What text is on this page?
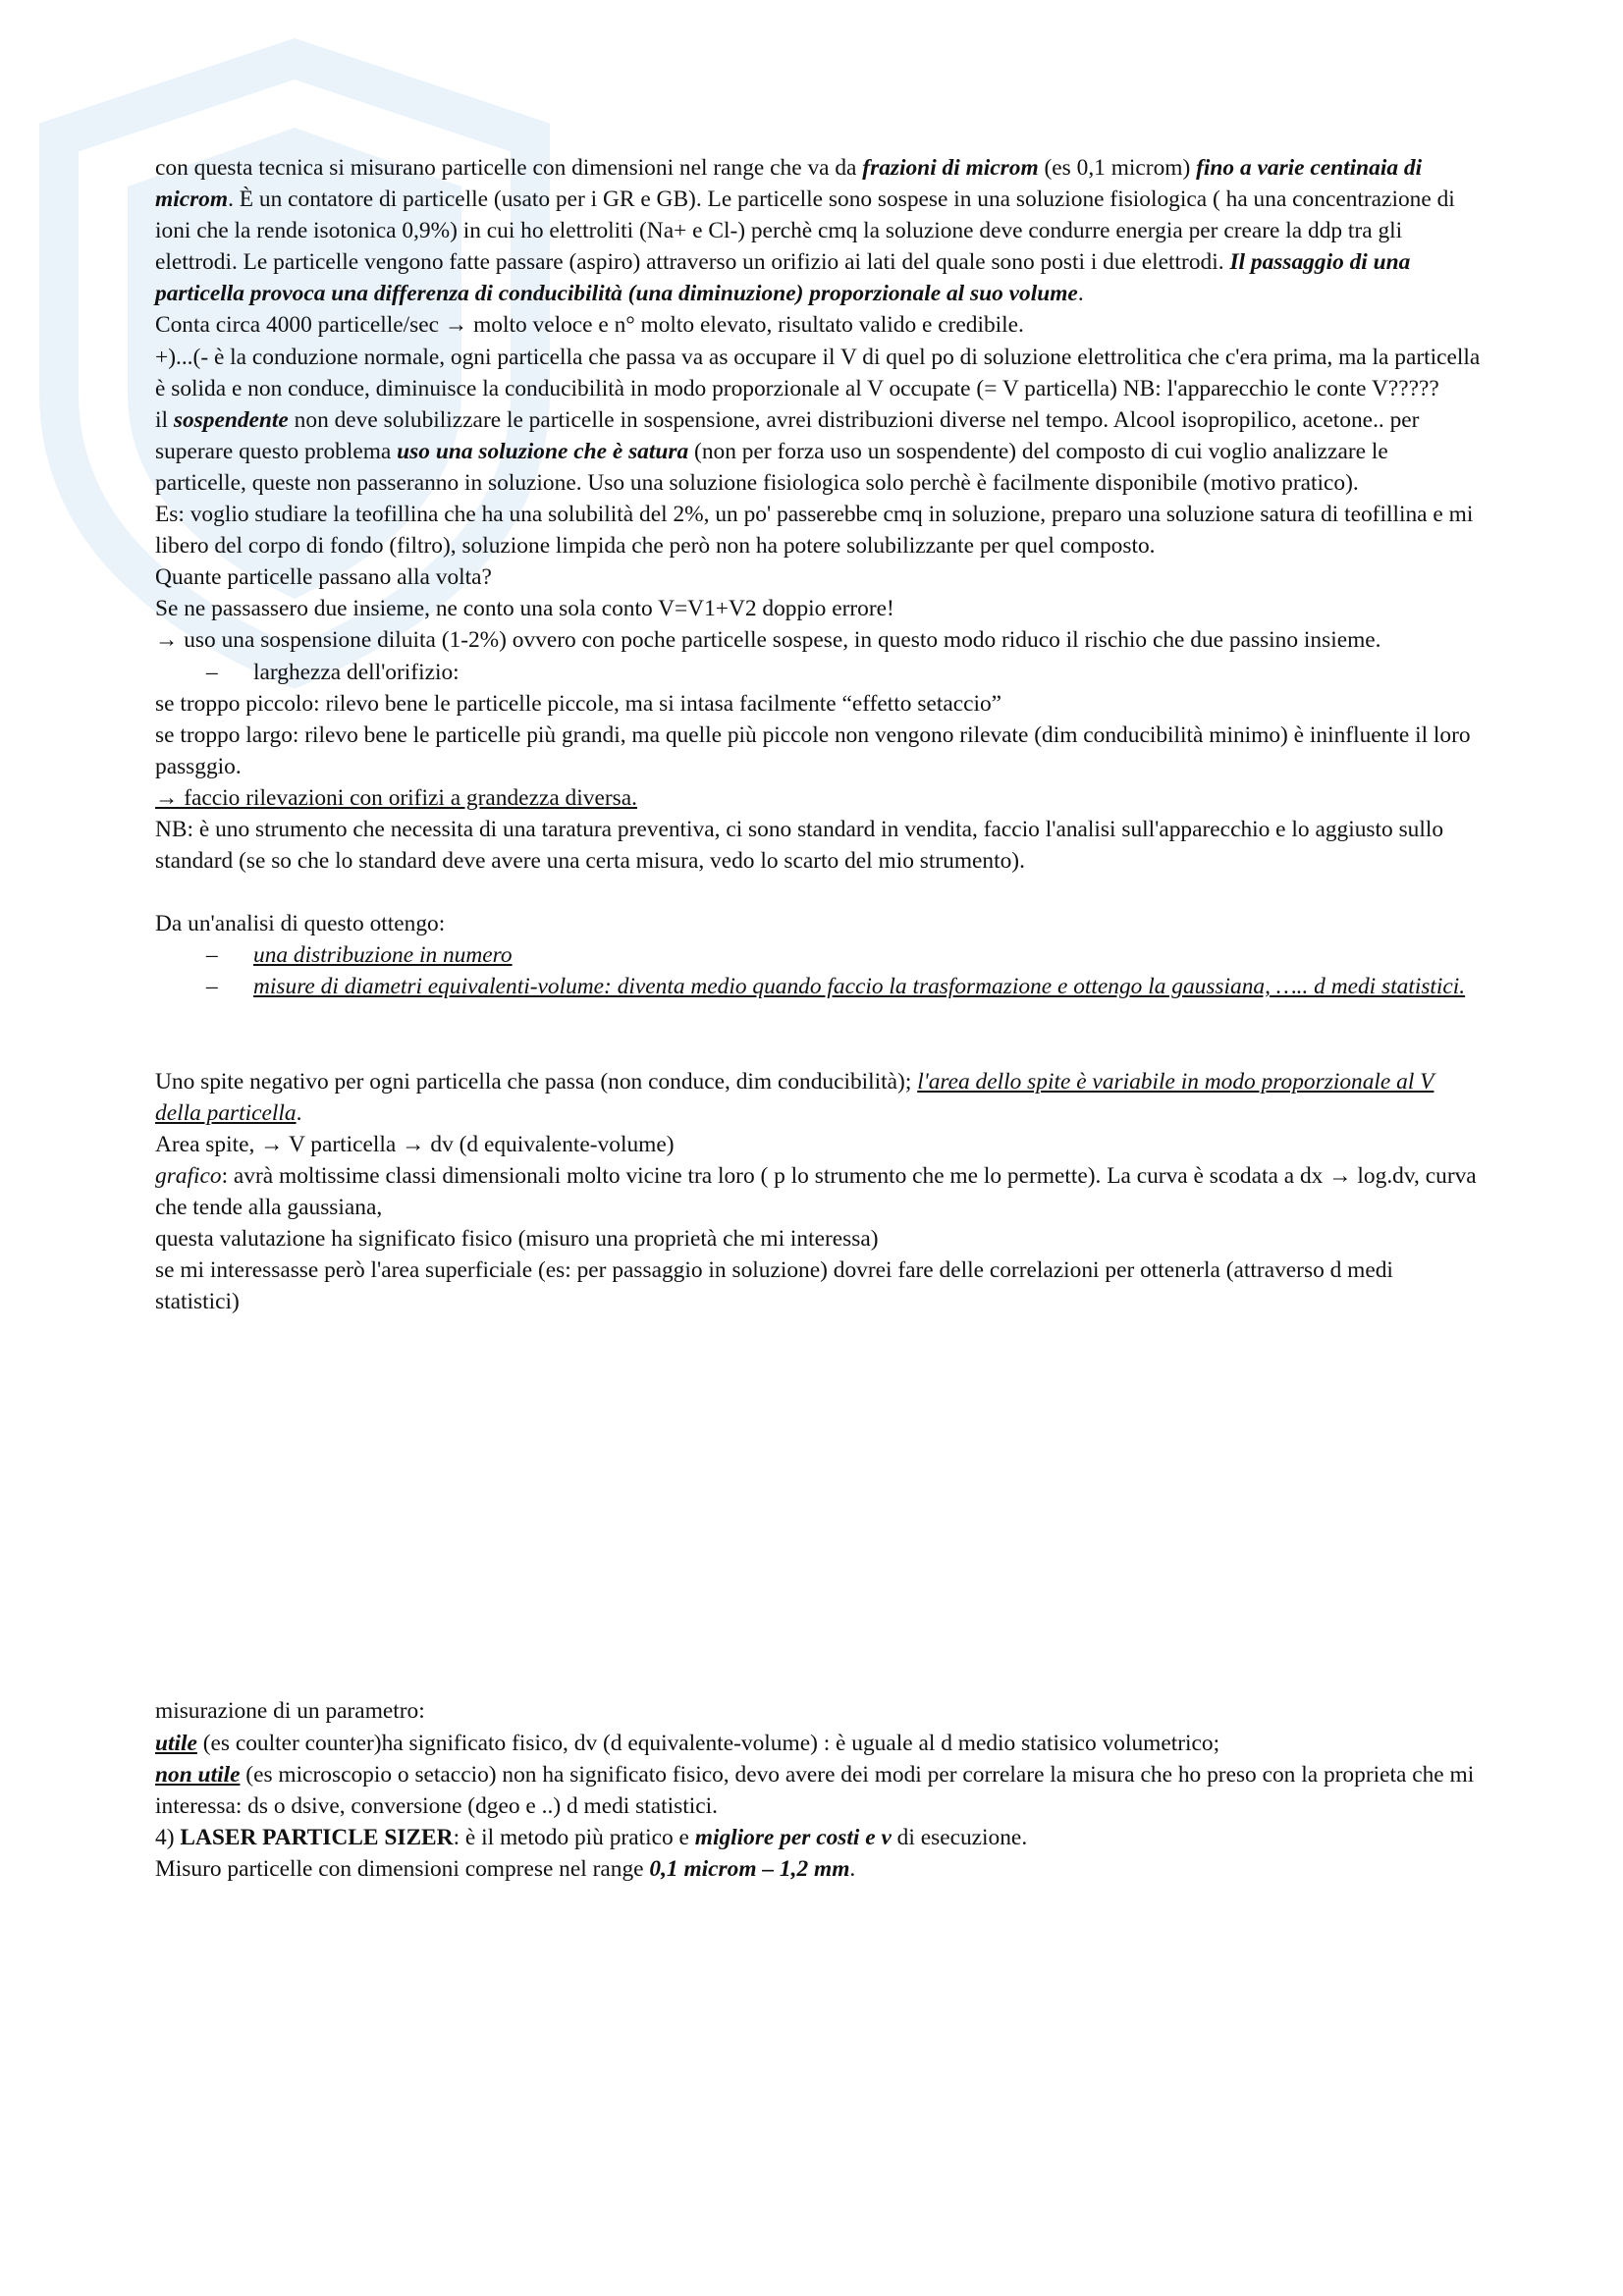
con questa tecnica si misurano particelle con dimensioni nel range che va da frazioni di microm (es 0,1 microm) fino a varie centinaia di microm. È un contatore di particelle (usato per i GR e GB). Le particelle sono sospese in una soluzione fisiologica ( ha una concentrazione di ioni che la rende isotonica 0,9%) in cui ho elettroliti (Na+ e Cl-) perchè cmq la soluzione deve condurre energia per creare la ddp tra gli elettrodi. Le particelle vengono fatte passare (aspiro) attraverso un orifizio ai lati del quale sono posti i due elettrodi. Il passaggio di una particella provoca una differenza di conducibilità (una diminuzione) proporzionale al suo volume.

Conta circa 4000 particelle/sec → molto veloce e n° molto elevato, risultato valido e credibile.

+)...(- è la conduzione normale, ogni particella che passa va as occupare il V di quel po di soluzione elettrolitica che c'era prima, ma la particella è solida e non conduce, diminuisce la conducibilità in modo proporzionale al V occupate (= V particella) NB: l'apparecchio le conte V?????

il sospendente non deve solubilizzare le particelle in sospensione, avrei distribuzioni diverse nel tempo. Alcool isopropilico, acetone.. per superare questo problema uso una soluzione che è satura (non per forza uso un sospendente) del composto di cui voglio analizzare le particelle, queste non passeranno in soluzione. Uso una soluzione fisiologica solo perchè è facilmente disponibile (motivo pratico).

Es: voglio studiare la teofillina che ha una solubilità del 2%, un po' passerebbe cmq in soluzione, preparo una soluzione satura di teofillina e mi libero del corpo di fondo (filtro), soluzione limpida che però non ha potere solubilizzante per quel composto.

Quante particelle passano alla volta?

Se ne passassero due insieme, ne conto una sola conto V=V1+V2 doppio errore!

→ uso una sospensione diluita (1-2%) ovvero con poche particelle sospese, in questo modo riduco il rischio che due passino insieme.

–	larghezza dell'orifizio:

se troppo piccolo: rilevo bene le particelle piccole, ma si intasa facilmente “effetto setaccio”

se troppo largo: rilevo bene le particelle più grandi, ma quelle più piccole non vengono rilevate (dim conducibilità minimo) è ininfluente il loro passggio.

→ faccio rilevazioni con orifizi a grandezza diversa.

NB: è uno strumento che necessita di una taratura preventiva, ci sono standard in vendita, faccio l'analisi sull'apparecchio e lo aggiusto sullo standard (se so che lo standard deve avere una certa misura, vedo lo scarto del mio strumento).

Da un'analisi di questo ottengo:

–	una distribuzione in numero
–	misure di diametri equivalenti-volume: diventa medio quando faccio la trasformazione e ottengo la gaussiana, ….. d medi statistici.

Uno spite negativo per ogni particella che passa (non conduce, dim conducibilità); l'area dello spite è variabile in modo proporzionale al V della particella.

Area spite, → V particella → dv (d equivalente-volume)

grafico: avrà moltissime classi dimensionali molto vicine tra loro ( p lo strumento che me lo permette). La curva è scodata a dx → log.dv, curva che tende alla gaussiana,

questa valutazione ha significato fisico (misuro una proprietà che mi interessa)

se mi interessasse però l'area superficiale (es: per passaggio in soluzione) dovrei fare delle correlazioni per ottenerla (attraverso d medi statistici)

misurazione di un parametro:

utile (es coulter counter)ha significato fisico, dv (d equivalente-volume) : è uguale al d medio statisico volumetrico;

non utile (es microscopio o setaccio) non ha significato fisico, devo avere dei modi per correlare la misura che ho preso con la proprieta che mi interessa: ds o dsive, conversione (dgeo e ..) d medi statistici.

4) LASER PARTICLE SIZER: è il metodo più pratico e migliore per costi e v di esecuzione.

Misuro particelle con dimensioni comprese nel range 0,1 microm – 1,2 mm.
